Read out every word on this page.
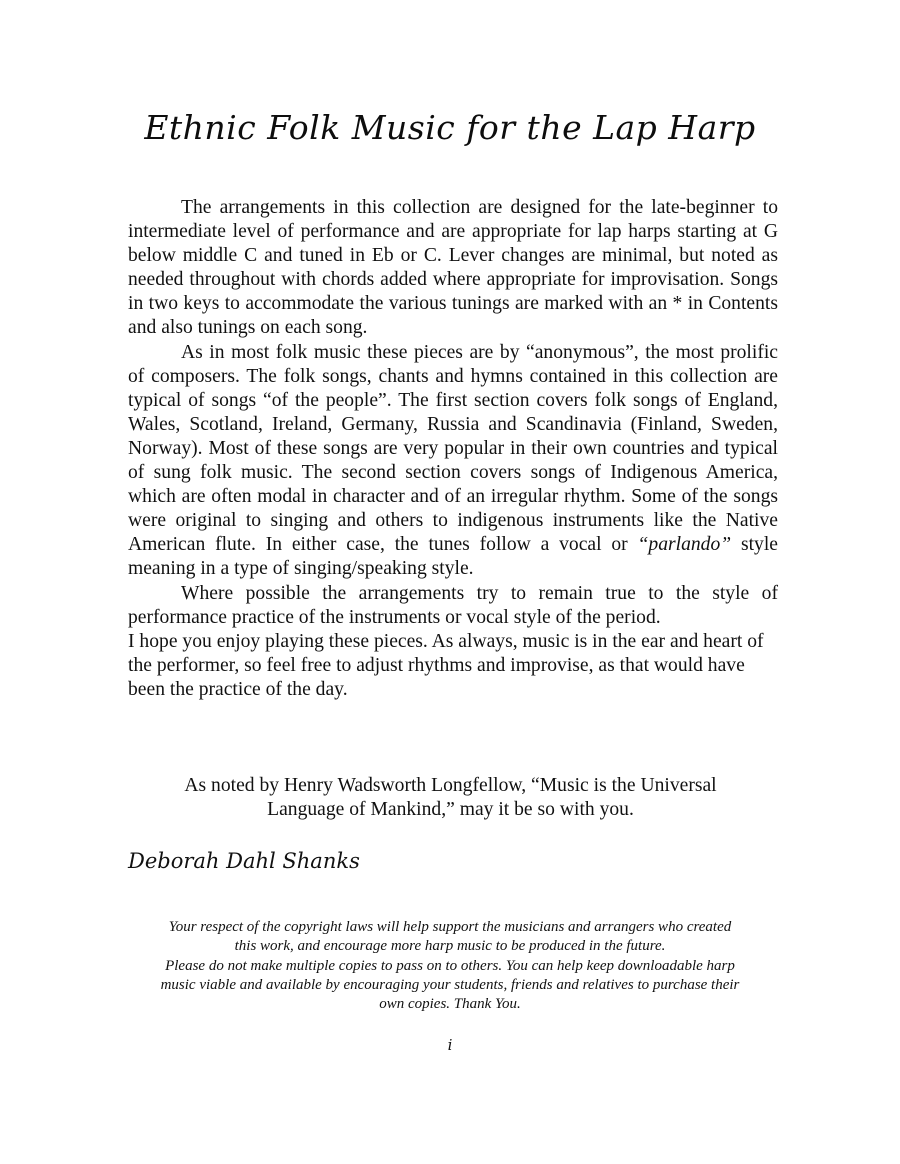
Ethnic Folk Music for the Lap Harp

The arrangements in this collection are designed for the late-beginner to intermediate level of performance and are appropriate for lap harps starting at G below middle C and tuned in Eb or C. Lever changes are minimal, but noted as needed throughout with chords added where appropriate for improvisation. Songs in two keys to accommodate the various tunings are marked with an * in Contents and also tunings on each song.

As in most folk music these pieces are by “anonymous”, the most prolific of composers. The folk songs, chants and hymns contained in this collection are typical of songs “of the people”. The first section covers folk songs of England, Wales, Scotland, Ireland, Germany, Russia and Scandinavia (Finland, Sweden, Norway). Most of these songs are very popular in their own countries and typical of sung folk music. The second section covers songs of Indigenous America, which are often modal in character and of an irregular rhythm. Some of the songs were original to singing and others to indigenous instruments like the Native American flute. In either case, the tunes follow a vocal or “parlando” style meaning in a type of singing/speaking style.

Where possible the arrangements try to remain true to the style of performance practice of the instruments or vocal style of the period.

I hope you enjoy playing these pieces. As always, music is in the ear and heart of the performer, so feel free to adjust rhythms and improvise, as that would have been the practice of the day.

As noted by Henry Wadsworth Longfellow, “Music is the Universal
Language of Mankind,” may it be so with you.
Deborah Dahl Shanks
Your respect of the copyright laws will help support the musicians and arrangers who created
this work, and encourage more harp music to be produced in the future.
Please do not make multiple copies to pass on to others. You can help keep downloadable harp
music viable and available by encouraging your students, friends and relatives to purchase their
own copies. Thank You.
i
